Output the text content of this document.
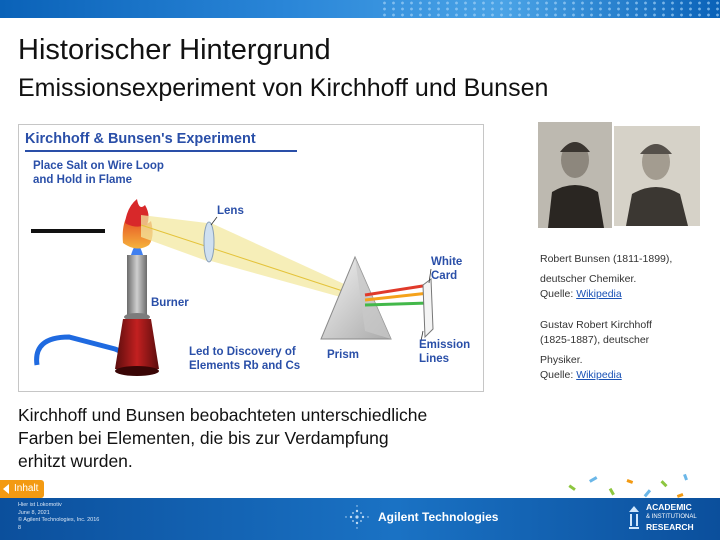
Historischer Hintergrund
Emissionsexperiment von Kirchhoff und Bunsen
Kirchhoff & Bunsen's Experiment
Place Salt on Wire Loop
and Hold in Flame
Lens
White
Card
Burner
Led to Discovery of
Elements Rb and Cs
Prism
Emission
Lines
Robert Bunsen (1811-1899),
deutscher Chemiker.
Quelle: Wikipedia
Gustav Robert Kirchhoff
(1825-1887), deutscher
Physiker.
Quelle: Wikipedia
Kirchhoff und Bunsen beobachteten unterschiedliche
Farben bei Elementen, die bis zur Verdampfung
erhitzt wurden.
Inhalt
Hier ist Lokomotiv
June 8, 2021
© Agilent Technologies, Inc. 2016
8
Agilent Technologies
ACADEMIC
& INSTITUTIONAL
RESEARCH
